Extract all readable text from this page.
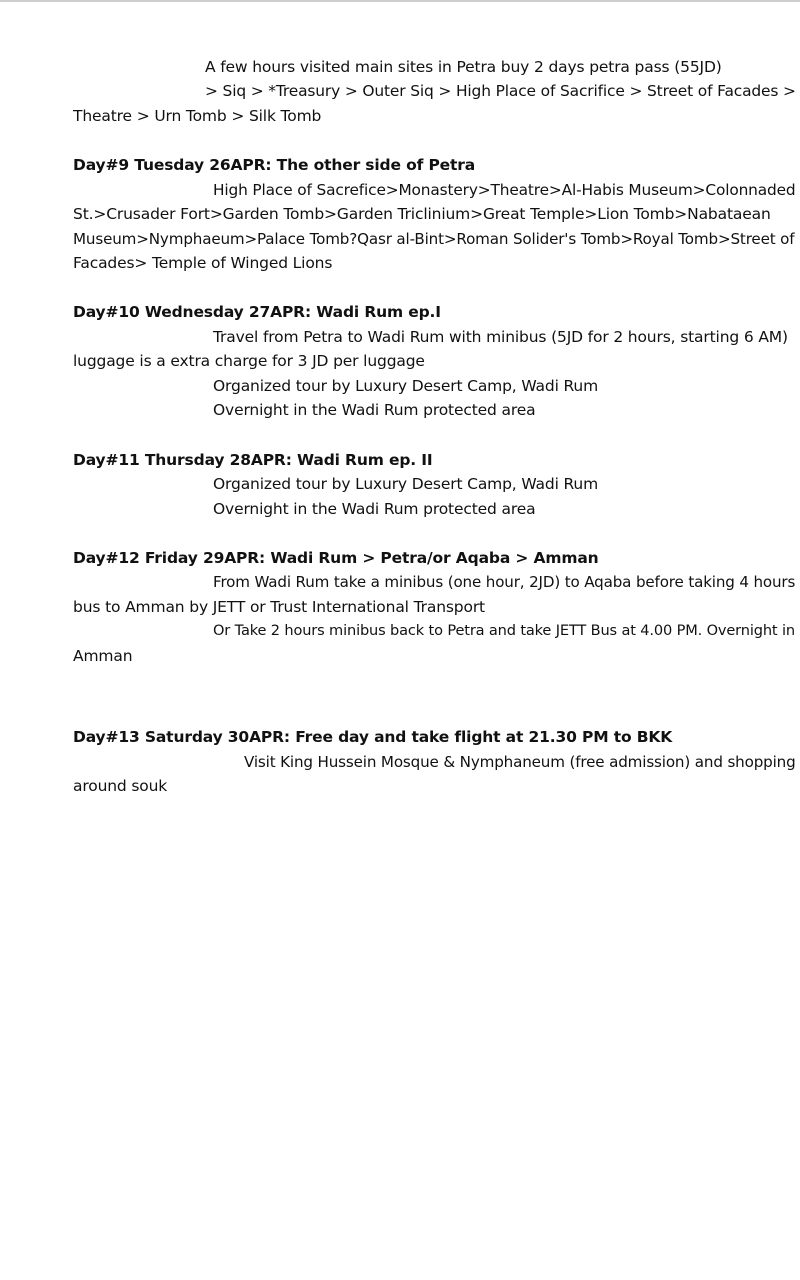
A few hours visited main sites in Petra buy 2 days petra pass (55JD)
> Siq > *Treasury > Outer Siq > High Place of Sacrifice > Street of Facades >
Theatre > Urn Tomb > Silk Tomb
Day#9 Tuesday 26APR: The other side of Petra
High Place of Sacrefice>Monastery>Theatre>Al-Habis Museum>Colonnaded
St.>Crusader Fort>Garden Tomb>Garden Triclinium>Great Temple>Lion Tomb>Nabataean
Museum>Nymphaeum>Palace Tomb?Qasr al-Bint>Roman Solider's Tomb>Royal Tomb>Street of
Facades> Temple of Winged Lions
Day#10 Wednesday 27APR: Wadi Rum ep.I
Travel from Petra to Wadi Rum with minibus (5JD for 2 hours, starting 6 AM)
luggage is a extra charge for 3 JD per luggage
Organized tour by Luxury Desert Camp, Wadi Rum
Overnight in the Wadi Rum protected area
Day#11 Thursday 28APR: Wadi Rum ep. II
Organized tour by Luxury Desert Camp, Wadi Rum
Overnight in the Wadi Rum protected area
Day#12 Friday 29APR: Wadi Rum > Petra/or Aqaba > Amman
From Wadi Rum take a minibus (one hour, 2JD) to Aqaba before taking 4 hours
bus to Amman by JETT or Trust International Transport
Or Take 2 hours minibus back to Petra and take JETT Bus at 4.00 PM. Overnight in
Amman
Day#13 Saturday 30APR: Free day and take flight at 21.30 PM to BKK
Visit King Hussein Mosque & Nymphaneum (free admission) and shopping
around souk
